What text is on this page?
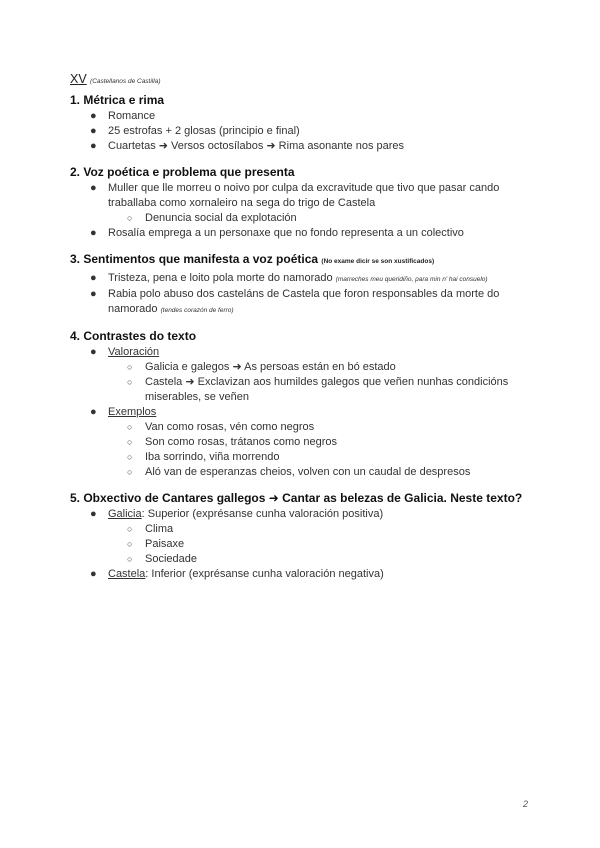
XV (Castellanos de Castilla)
1. Métrica e rima
● Romance
● 25 estrofas + 2 glosas (principio e final)
● Cuartetas ➜ Versos octosílabos ➜ Rima asonante nos pares
2. Voz poética e problema que presenta
● Muller que lle morreu o noivo por culpa da excravitude que tivo que pasar cando traballaba como xornaleiro na sega do trigo de Castela
○ Denuncia social da explotación
● Rosalía emprega a un personaxe que no fondo representa a un colectivo
3. Sentimentos que manifesta a voz poética (No exame dicir se son xustificados)
● Tristeza, pena e loito pola morte do namorado (marreches meu queridiño, para min n' hai consuelo)
● Rabia polo abuso dos casteláns de Castela que foron responsables da morte do namorado (tendes corazón de ferro)
4. Contrastes do texto
● Valoración
○ Galicia e galegos ➜ As persoas están en bó estado
○ Castela ➜ Exclavizan aos humildes galegos que veñen nunhas condicións miserables, se veñen
● Exemplos
○ Van como rosas, vén como negros
○ Son como rosas, trátanos como negros
○ Iba sorrindo, viña morrendo
○ Aló van de esperanzas cheios, volven con un caudal de despresos
5. Obxectivo de Cantares gallegos ➜ Cantar as belezas de Galicia. Neste texto?
● Galicia: Superior (exprésanse cunha valoración positiva)
○ Clima
○ Paisaxe
○ Sociedade
● Castela: Inferior (exprésanse cunha valoración negativa)
2
